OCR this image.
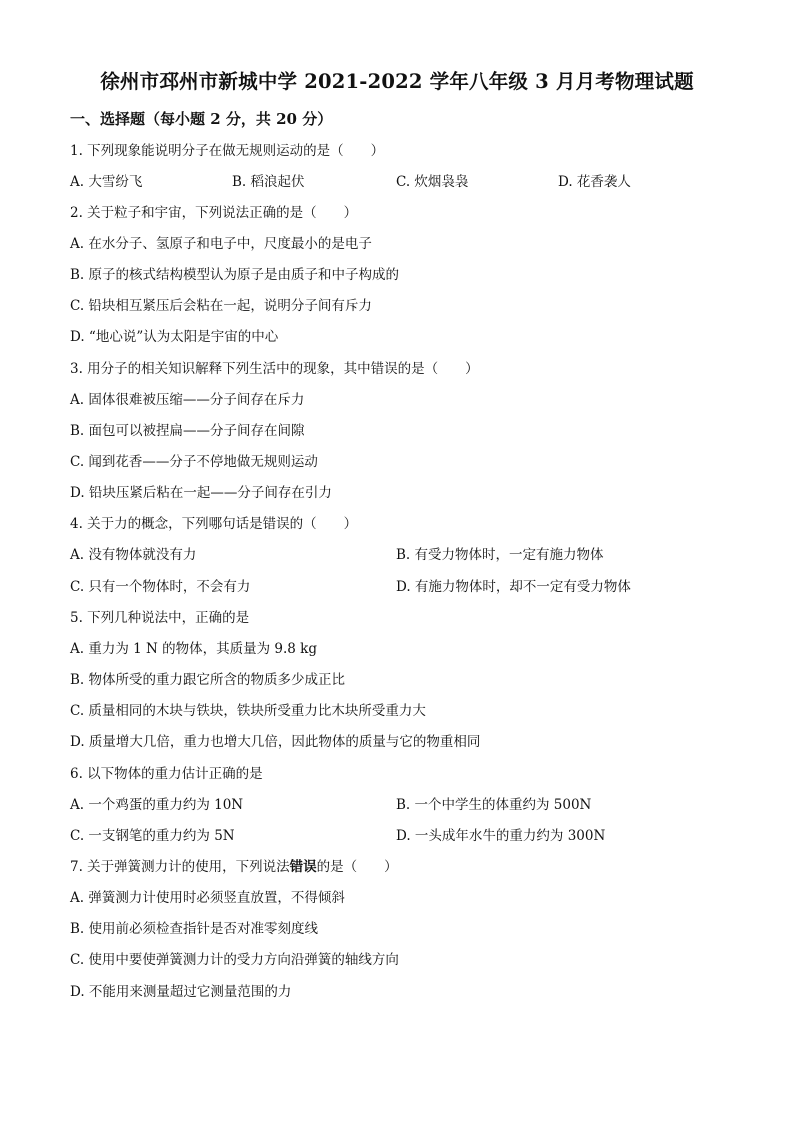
徐州市邳州市新城中学 2021-2022 学年八年级 3 月月考物理试题
一、选择题（每小题 2 分，共 20 分）
1. 下列现象能说明分子在做无规则运动的是（　　）
A. 大雪纷飞	B. 稻浪起伏	C. 炊烟袅袅	D. 花香袭人
2. 关于粒子和宇宙，下列说法正确的是（　　）
A. 在水分子、氢原子和电子中，尺度最小的是电子
B. 原子的核式结构模型认为原子是由质子和中子构成的
C. 铅块相互紧压后会粘在一起，说明分子间有斥力
D. “地心说”认为太阳是宇宙的中心
3. 用分子的相关知识解释下列生活中的现象，其中错误的是（　　）
A. 固体很难被压缩——分子间存在斥力
B. 面包可以被捏扁——分子间存在间隙
C. 闻到花香——分子不停地做无规则运动
D. 铅块压紧后粘在一起——分子间存在引力
4. 关于力的概念，下列哪句话是错误的（　　）
A. 没有物体就没有力	B. 有受力物体时，一定有施力物体
C. 只有一个物体时，不会有力	D. 有施力物体时，却不一定有受力物体
5. 下列几种说法中，正确的是
A. 重力为 1 N 的物体，其质量为 9.8 kg
B. 物体所受的重力跟它所含的物质多少成正比
C. 质量相同的木块与铁块，铁块所受重力比木块所受重力大
D. 质量增大几倍，重力也增大几倍，因此物体的质量与它的物重相同
6. 以下物体的重力估计正确的是
A. 一个鸡蛋的重力约为 10N	B. 一个中学生的体重约为 500N
C. 一支钢笔的重力约为 5N	D. 一头成年水牛的重力约为 300N
7. 关于弹簧测力计的使用，下列说法错误的是（　　）
A. 弹簧测力计使用时必须竖直放置，不得倾斜
B. 使用前必须检查指针是否对准零刻度线
C. 使用中要使弹簧测力计的受力方向沿弹簧的轴线方向
D. 不能用来测量超过它测量范围的力
